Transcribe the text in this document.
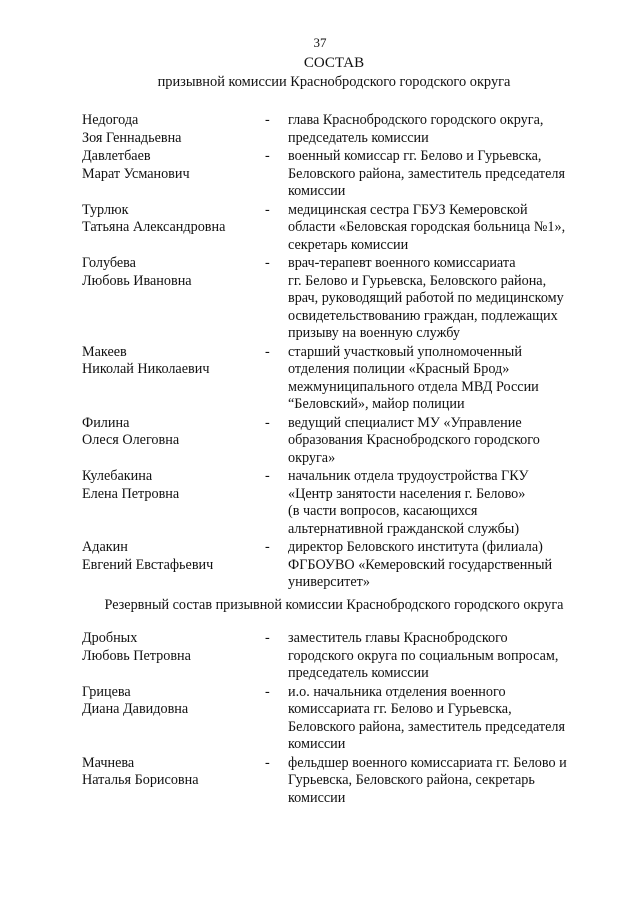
37
СОСТАВ
призывной комиссии Краснобродского городского округа
Недогода
Зоя Геннадьевна
-	глава Краснобродского городского округа,
председатель комиссии
Давлетбаев
Марат Усманович
-	военный комиссар гг. Белово и Гурьевска,
Беловского района, заместитель председателя
комиссии
Турлюк
Татьяна Александровна
-	медицинская сестра ГБУЗ Кемеровской
области «Беловская городская больница №1»,
секретарь комиссии
Голубева
Любовь Ивановна
-	врач-терапевт военного комиссариата
гг. Белово и Гурьевска, Беловского района,
врач, руководящий работой по медицинскому
освидетельствованию граждан, подлежащих
призыву на военную службу
Макеев
Николай Николаевич
-	старший участковый уполномоченный
отделения полиции «Красный Брод»
межмуниципального отдела МВД России
“Беловский», майор полиции
Филина
Олеся Олеговна
-	ведущий специалист МУ «Управление
образования Краснобродского городского
округа»
Кулебакина
Елена Петровна
-	начальник отдела трудоустройства ГКУ
«Центр занятости населения г. Белово»
(в части вопросов, касающихся
альтернативной гражданской службы)
Адакин
Евгений Евстафьевич
-	директор Беловского института (филиала)
ФГБОУВО «Кемеровский государственный
университет»
Резервный состав призывной комиссии Краснобродского городского округа
Дробных
Любовь Петровна
-	заместитель главы Краснобродского
городского округа по социальным вопросам,
председатель комиссии
Грицева
Диана Давидовна
-	и.о. начальника отделения военного
комиссариата гг. Белово и Гурьевска,
Беловского района, заместитель председателя
комиссии
Мачнева
Наталья Борисовна
-	фельдшер военного комиссариата гг. Белово и
Гурьевска, Беловского района, секретарь
комиссии
